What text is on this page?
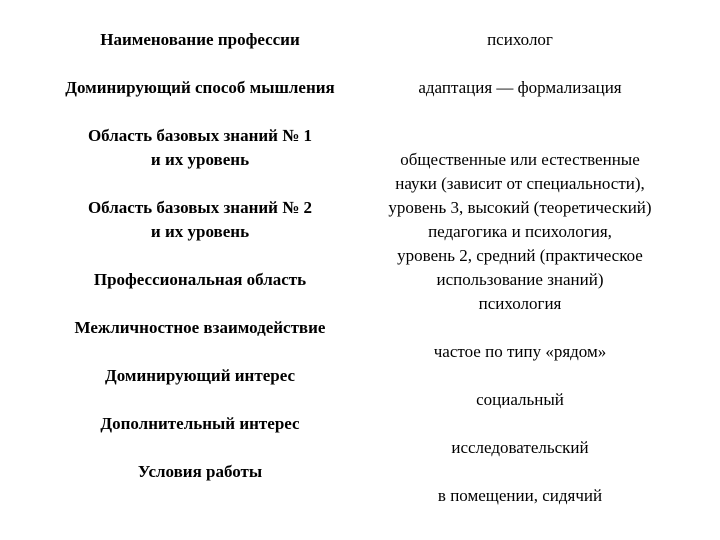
Наименование профессии
Доминирующий способ мышления
Область базовых знаний № 1
и их уровень
Область базовых знаний № 2
и их уровень
Профессиональная область
Межличностное взаимодействие
Доминирующий интерес
Дополнительный интерес
Условия работы
психолог
адаптация — формализация
общественные или естественные
науки (зависит от специальности),
уровень 3, высокий (теоретический)
педагогика и психология,
уровень 2, средний (практическое
использование знаний)
психология
частое по типу «рядом»
социальный
исследовательский
в помещении, сидячий
